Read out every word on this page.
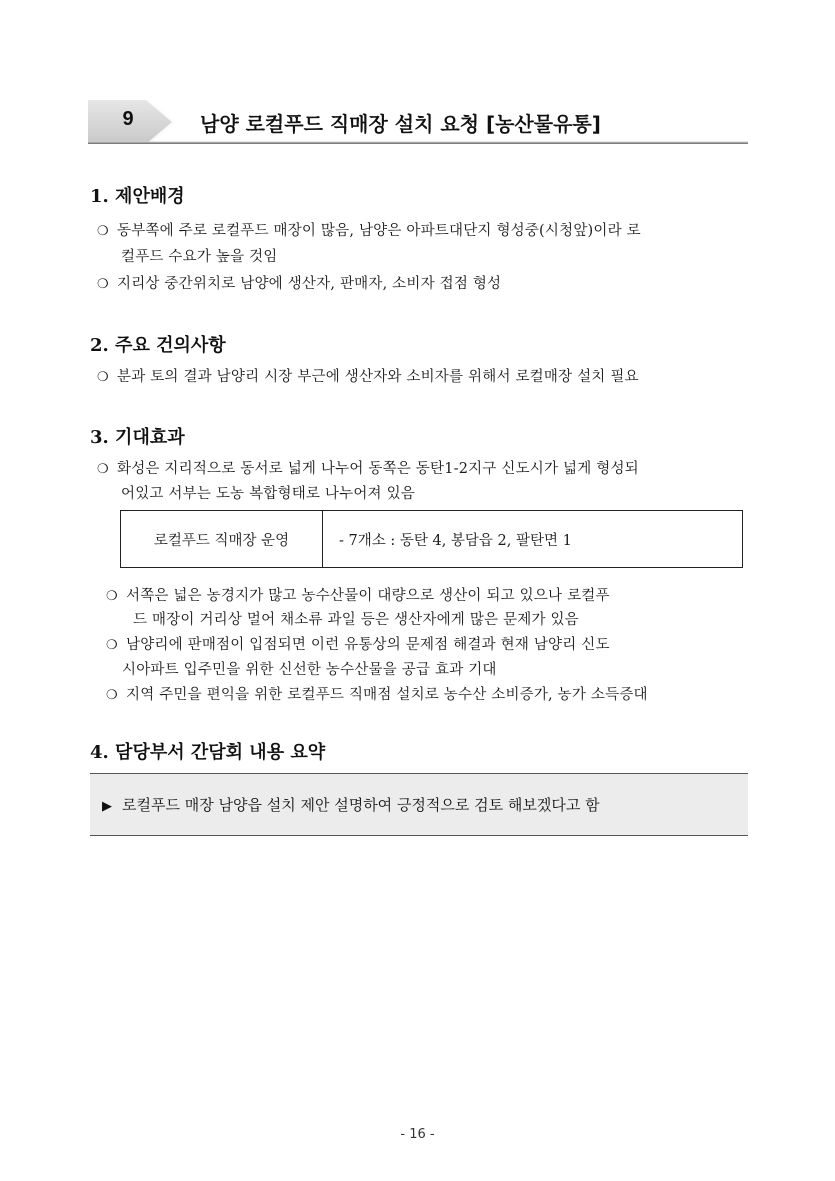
9	남양 로컬푸드 직매장 설치 요청 [농산물유통]
1. 제안배경
❍ 동부쪽에 주로 로컬푸드 매장이 많음, 남양은 아파트대단지 형성중(시청앞)이라 로
컬푸드 수요가 높을 것임
❍ 지리상 중간위치로 남양에 생산자, 판매자, 소비자 접점 형성
2. 주요 건의사항
❍ 분과 토의 결과 남양리 시장 부근에 생산자와 소비자를 위해서 로컬매장 설치 필요
3. 기대효과
❍ 화성은 지리적으로 동서로 넓게 나누어 동쪽은 동탄1-2지구 신도시가 넓게 형성되
어있고 서부는 도농 복합형태로 나누어져 있음
로컬푸드 직매장 운영	- 7개소 : 동탄 4, 봉담읍 2, 팔탄면 1
❍ 서쪽은 넓은 농경지가 많고 농수산물이 대량으로 생산이 되고 있으나 로컬푸
드 매장이 거리상 멀어 채소류 과일 등은 생산자에게 많은 문제가 있음
❍ 남양리에 판매점이 입점되면 이런 유통상의 문제점 해결과 현재 남양리 신도
시아파트 입주민을 위한 신선한 농수산물을 공급 효과 기대
❍ 지역 주민을 편익을 위한 로컬푸드 직매점 설치로 농수산 소비증가, 농가 소득증대
4. 담당부서 간담회 내용 요약
▶ 로컬푸드 매장 남양읍 설치 제안 설명하여 긍정적으로 검토 해보겠다고 함
- 16 -
